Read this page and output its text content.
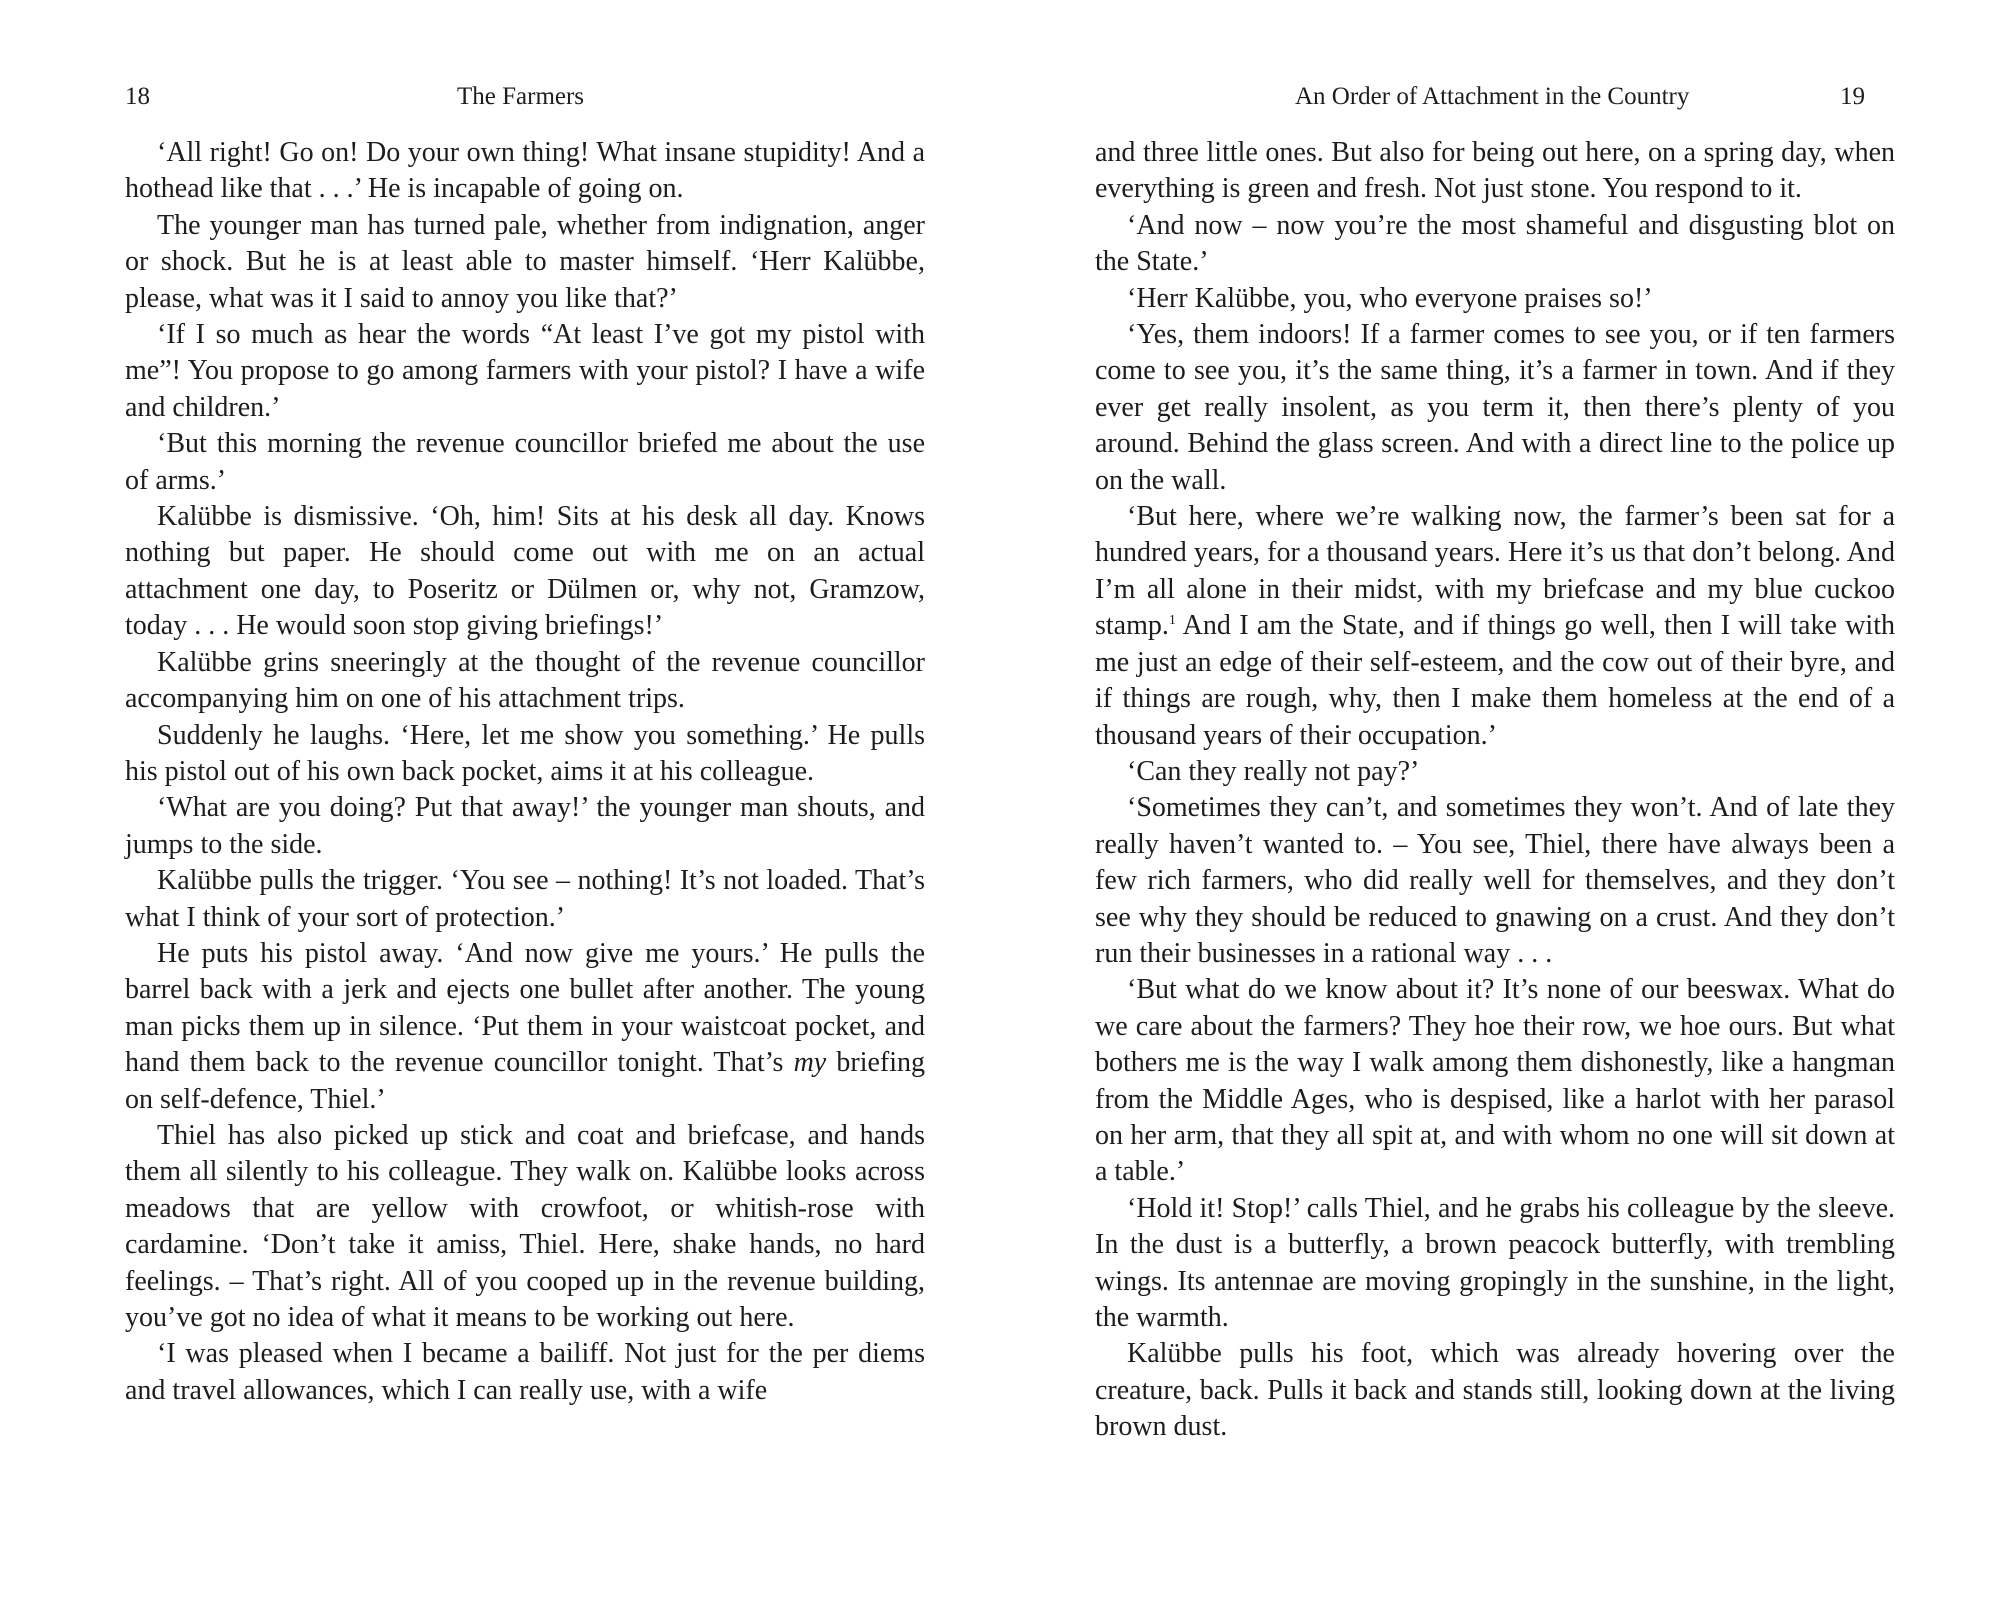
18	The Farmers

‘All right! Go on! Do your own thing! What insane stupidity! And a hothead like that . . .’ He is incapable of going on.

The younger man has turned pale, whether from indignation, anger or shock. But he is at least able to master himself. ‘Herr Kalübbe, please, what was it I said to annoy you like that?’

‘If I so much as hear the words “At least I’ve got my pistol with me”! You propose to go among farmers with your pistol? I have a wife and children.’

‘But this morning the revenue councillor briefed me about the use of arms.’

Kalübbe is dismissive. ‘Oh, him! Sits at his desk all day. Knows nothing but paper. He should come out with me on an actual attachment one day, to Poseritz or Dülmen or, why not, Gramzow, today . . . He would soon stop giving briefings!’

Kalübbe grins sneeringly at the thought of the revenue councillor accompanying him on one of his attachment trips.

Suddenly he laughs. ‘Here, let me show you something.’ He pulls his pistol out of his own back pocket, aims it at his colleague.

‘What are you doing? Put that away!’ the younger man shouts, and jumps to the side.

Kalübbe pulls the trigger. ‘You see – nothing! It’s not loaded. That’s what I think of your sort of protection.’

He puts his pistol away. ‘And now give me yours.’ He pulls the barrel back with a jerk and ejects one bullet after another. The young man picks them up in silence. ‘Put them in your waistcoat pocket, and hand them back to the revenue councillor tonight. That’s my briefing on self-defence, Thiel.’

Thiel has also picked up stick and coat and briefcase, and hands them all silently to his colleague. They walk on. Kalübbe looks across meadows that are yellow with crowfoot, or whitish-rose with cardamine. ‘Don’t take it amiss, Thiel. Here, shake hands, no hard feelings. – That’s right. All of you cooped up in the revenue building, you’ve got no idea of what it means to be working out here.

‘I was pleased when I became a bailiff. Not just for the per diems and travel allowances, which I can really use, with a wife

An Order of Attachment in the Country	19

and three little ones. But also for being out here, on a spring day, when everything is green and fresh. Not just stone. You respond to it.

‘And now – now you’re the most shameful and disgusting blot on the State.’

‘Herr Kalübbe, you, who everyone praises so!’

‘Yes, them indoors! If a farmer comes to see you, or if ten farmers come to see you, it’s the same thing, it’s a farmer in town. And if they ever get really insolent, as you term it, then there’s plenty of you around. Behind the glass screen. And with a direct line to the police up on the wall.

‘But here, where we’re walking now, the farmer’s been sat for a hundred years, for a thousand years. Here it’s us that don’t belong. And I’m all alone in their midst, with my briefcase and my blue cuckoo stamp.$^1$ And I am the State, and if things go well, then I will take with me just an edge of their self-esteem, and the cow out of their byre, and if things are rough, why, then I make them homeless at the end of a thousand years of their occupation.’

‘Can they really not pay?’

‘Sometimes they can’t, and sometimes they won’t. And of late they really haven’t wanted to. – You see, Thiel, there have always been a few rich farmers, who did really well for themselves, and they don’t see why they should be reduced to gnawing on a crust. And they don’t run their businesses in a rational way . . .

‘But what do we know about it? It’s none of our beeswax. What do we care about the farmers? They hoe their row, we hoe ours. But what bothers me is the way I walk among them dishonestly, like a hangman from the Middle Ages, who is despised, like a harlot with her parasol on her arm, that they all spit at, and with whom no one will sit down at a table.’

‘Hold it! Stop!’ calls Thiel, and he grabs his colleague by the sleeve. In the dust is a butterfly, a brown peacock butterfly, with trembling wings. Its antennae are moving gropingly in the sunshine, in the light, the warmth.

Kalübbe pulls his foot, which was already hovering over the creature, back. Pulls it back and stands still, looking down at the living brown dust.
